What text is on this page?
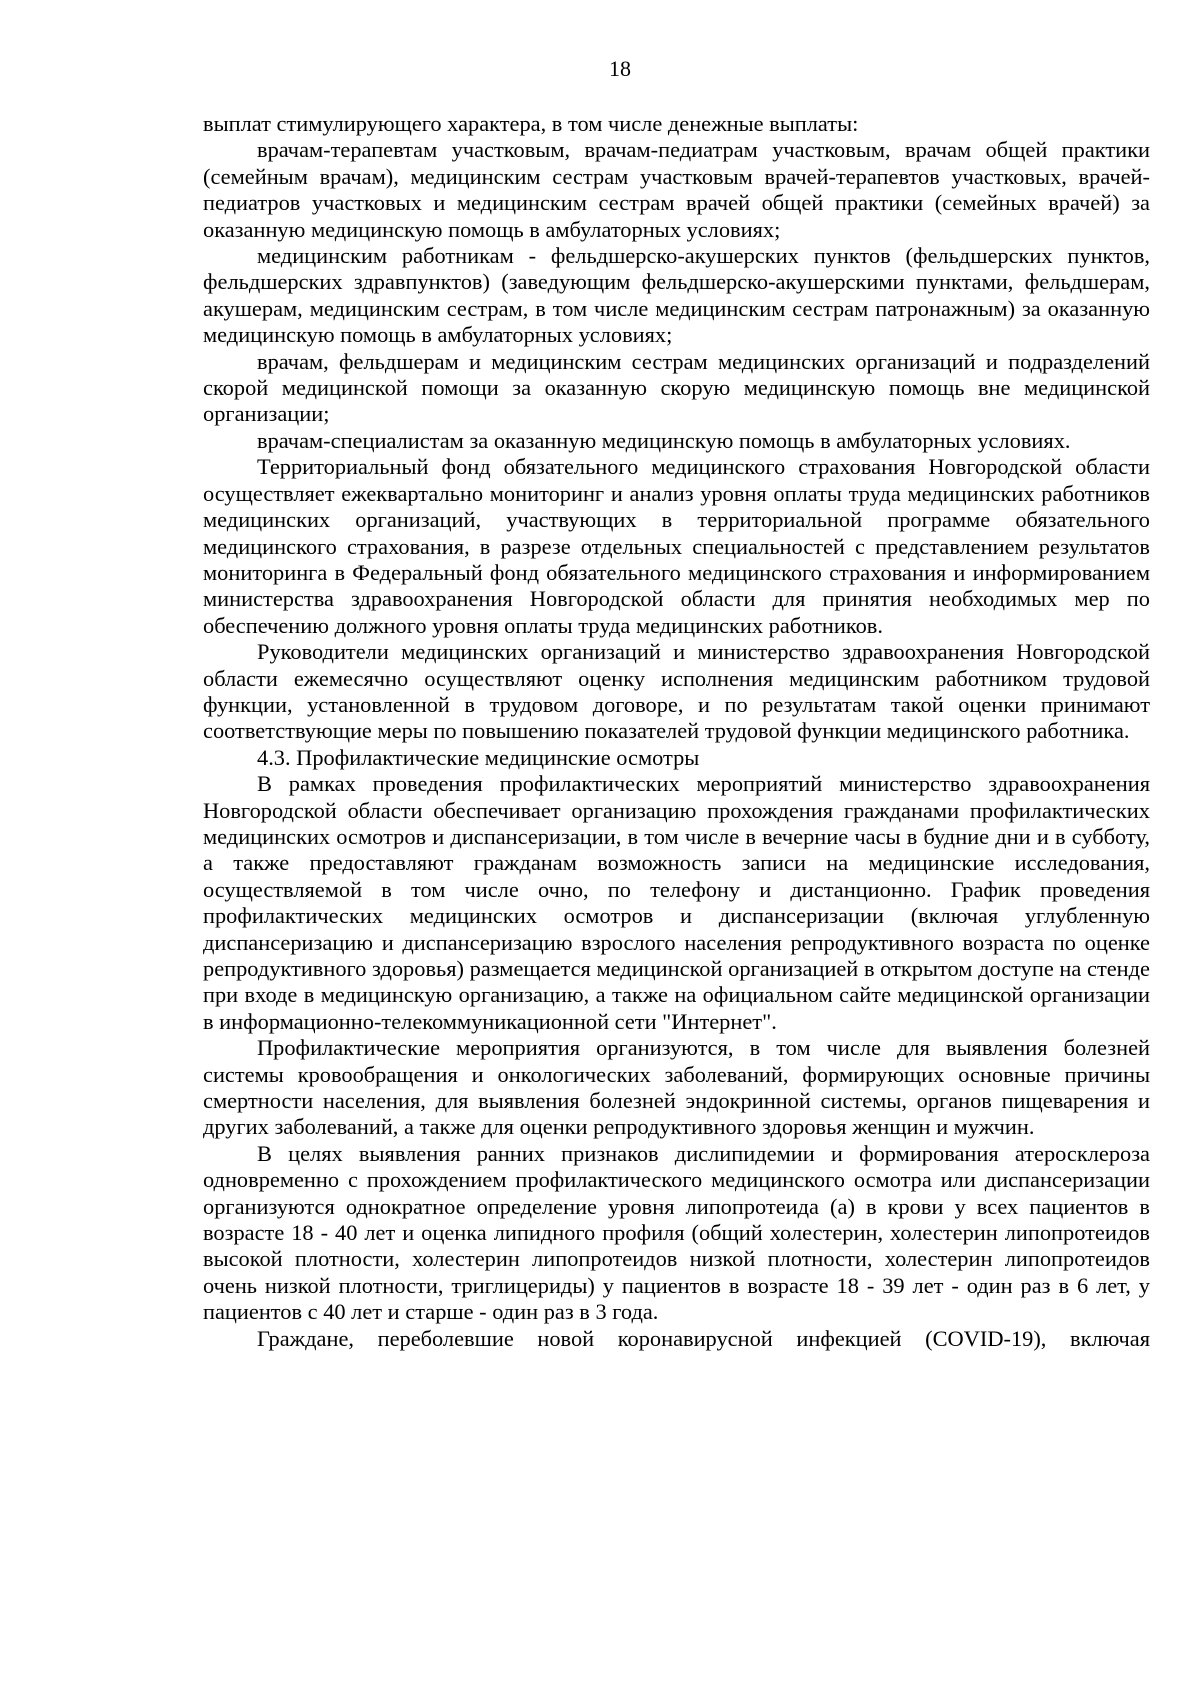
18

выплат стимулирующего характера, в том числе денежные выплаты:

врачам-терапевтам участковым, врачам-педиатрам участковым, врачам общей практики (семейным врачам), медицинским сестрам участковым врачей-терапевтов участковых, врачей-педиатров участковых и медицинским сестрам врачей общей практики (семейных врачей) за оказанную медицинскую помощь в амбулаторных условиях;

медицинским работникам - фельдшерско-акушерских пунктов (фельдшерских пунктов, фельдшерских здравпунктов) (заведующим фельдшерско-акушерскими пунктами, фельдшерам, акушерам, медицинским сестрам, в том числе медицинским сестрам патронажным) за оказанную медицинскую помощь в амбулаторных условиях;

врачам, фельдшерам и медицинским сестрам медицинских организаций и подразделений скорой медицинской помощи за оказанную скорую медицинскую помощь вне медицинской организации;

врачам-специалистам за оказанную медицинскую помощь в амбулаторных условиях.

Территориальный фонд обязательного медицинского страхования Новгородской области осуществляет ежеквартально мониторинг и анализ уровня оплаты труда медицинских работников медицинских организаций, участвующих в территориальной программе обязательного медицинского страхования, в разрезе отдельных специальностей с представлением результатов мониторинга в Федеральный фонд обязательного медицинского страхования и информированием министерства здравоохранения Новгородской области для принятия необходимых мер по обеспечению должного уровня оплаты труда медицинских работников.

Руководители медицинских организаций и министерство здравоохранения Новгородской области ежемесячно осуществляют оценку исполнения медицинским работником трудовой функции, установленной в трудовом договоре, и по результатам такой оценки принимают соответствующие меры по повышению показателей трудовой функции медицинского работника.

4.3. Профилактические медицинские осмотры

В рамках проведения профилактических мероприятий министерство здравоохранения Новгородской области обеспечивает организацию прохождения гражданами профилактических медицинских осмотров и диспансеризации, в том числе в вечерние часы в будние дни и в субботу, а также предоставляют гражданам возможность записи на медицинские исследования, осуществляемой в том числе очно, по телефону и дистанционно. График проведения профилактических медицинских осмотров и диспансеризации (включая углубленную диспансеризацию и диспансеризацию взрослого населения репродуктивного возраста по оценке репродуктивного здоровья) размещается медицинской организацией в открытом доступе на стенде при входе в медицинскую организацию, а также на официальном сайте медицинской организации в информационно-телекоммуникационной сети "Интернет".

Профилактические мероприятия организуются, в том числе для выявления болезней системы кровообращения и онкологических заболеваний, формирующих основные причины смертности населения, для выявления болезней эндокринной системы, органов пищеварения и других заболеваний, а также для оценки репродуктивного здоровья женщин и мужчин.

В целях выявления ранних признаков дислипидемии и формирования атеросклероза одновременно с прохождением профилактического медицинского осмотра или диспансеризации организуются однократное определение уровня липопротеида (а) в крови у всех пациентов в возрасте 18 - 40 лет и оценка липидного профиля (общий холестерин, холестерин липопротеидов высокой плотности, холестерин липопротеидов низкой плотности, холестерин липопротеидов очень низкой плотности, триглицериды) у пациентов в возрасте 18 - 39 лет - один раз в 6 лет, у пациентов с 40 лет и старше - один раз в 3 года.

Граждане, переболевшие новой коронавирусной инфекцией (COVID-19), включая
